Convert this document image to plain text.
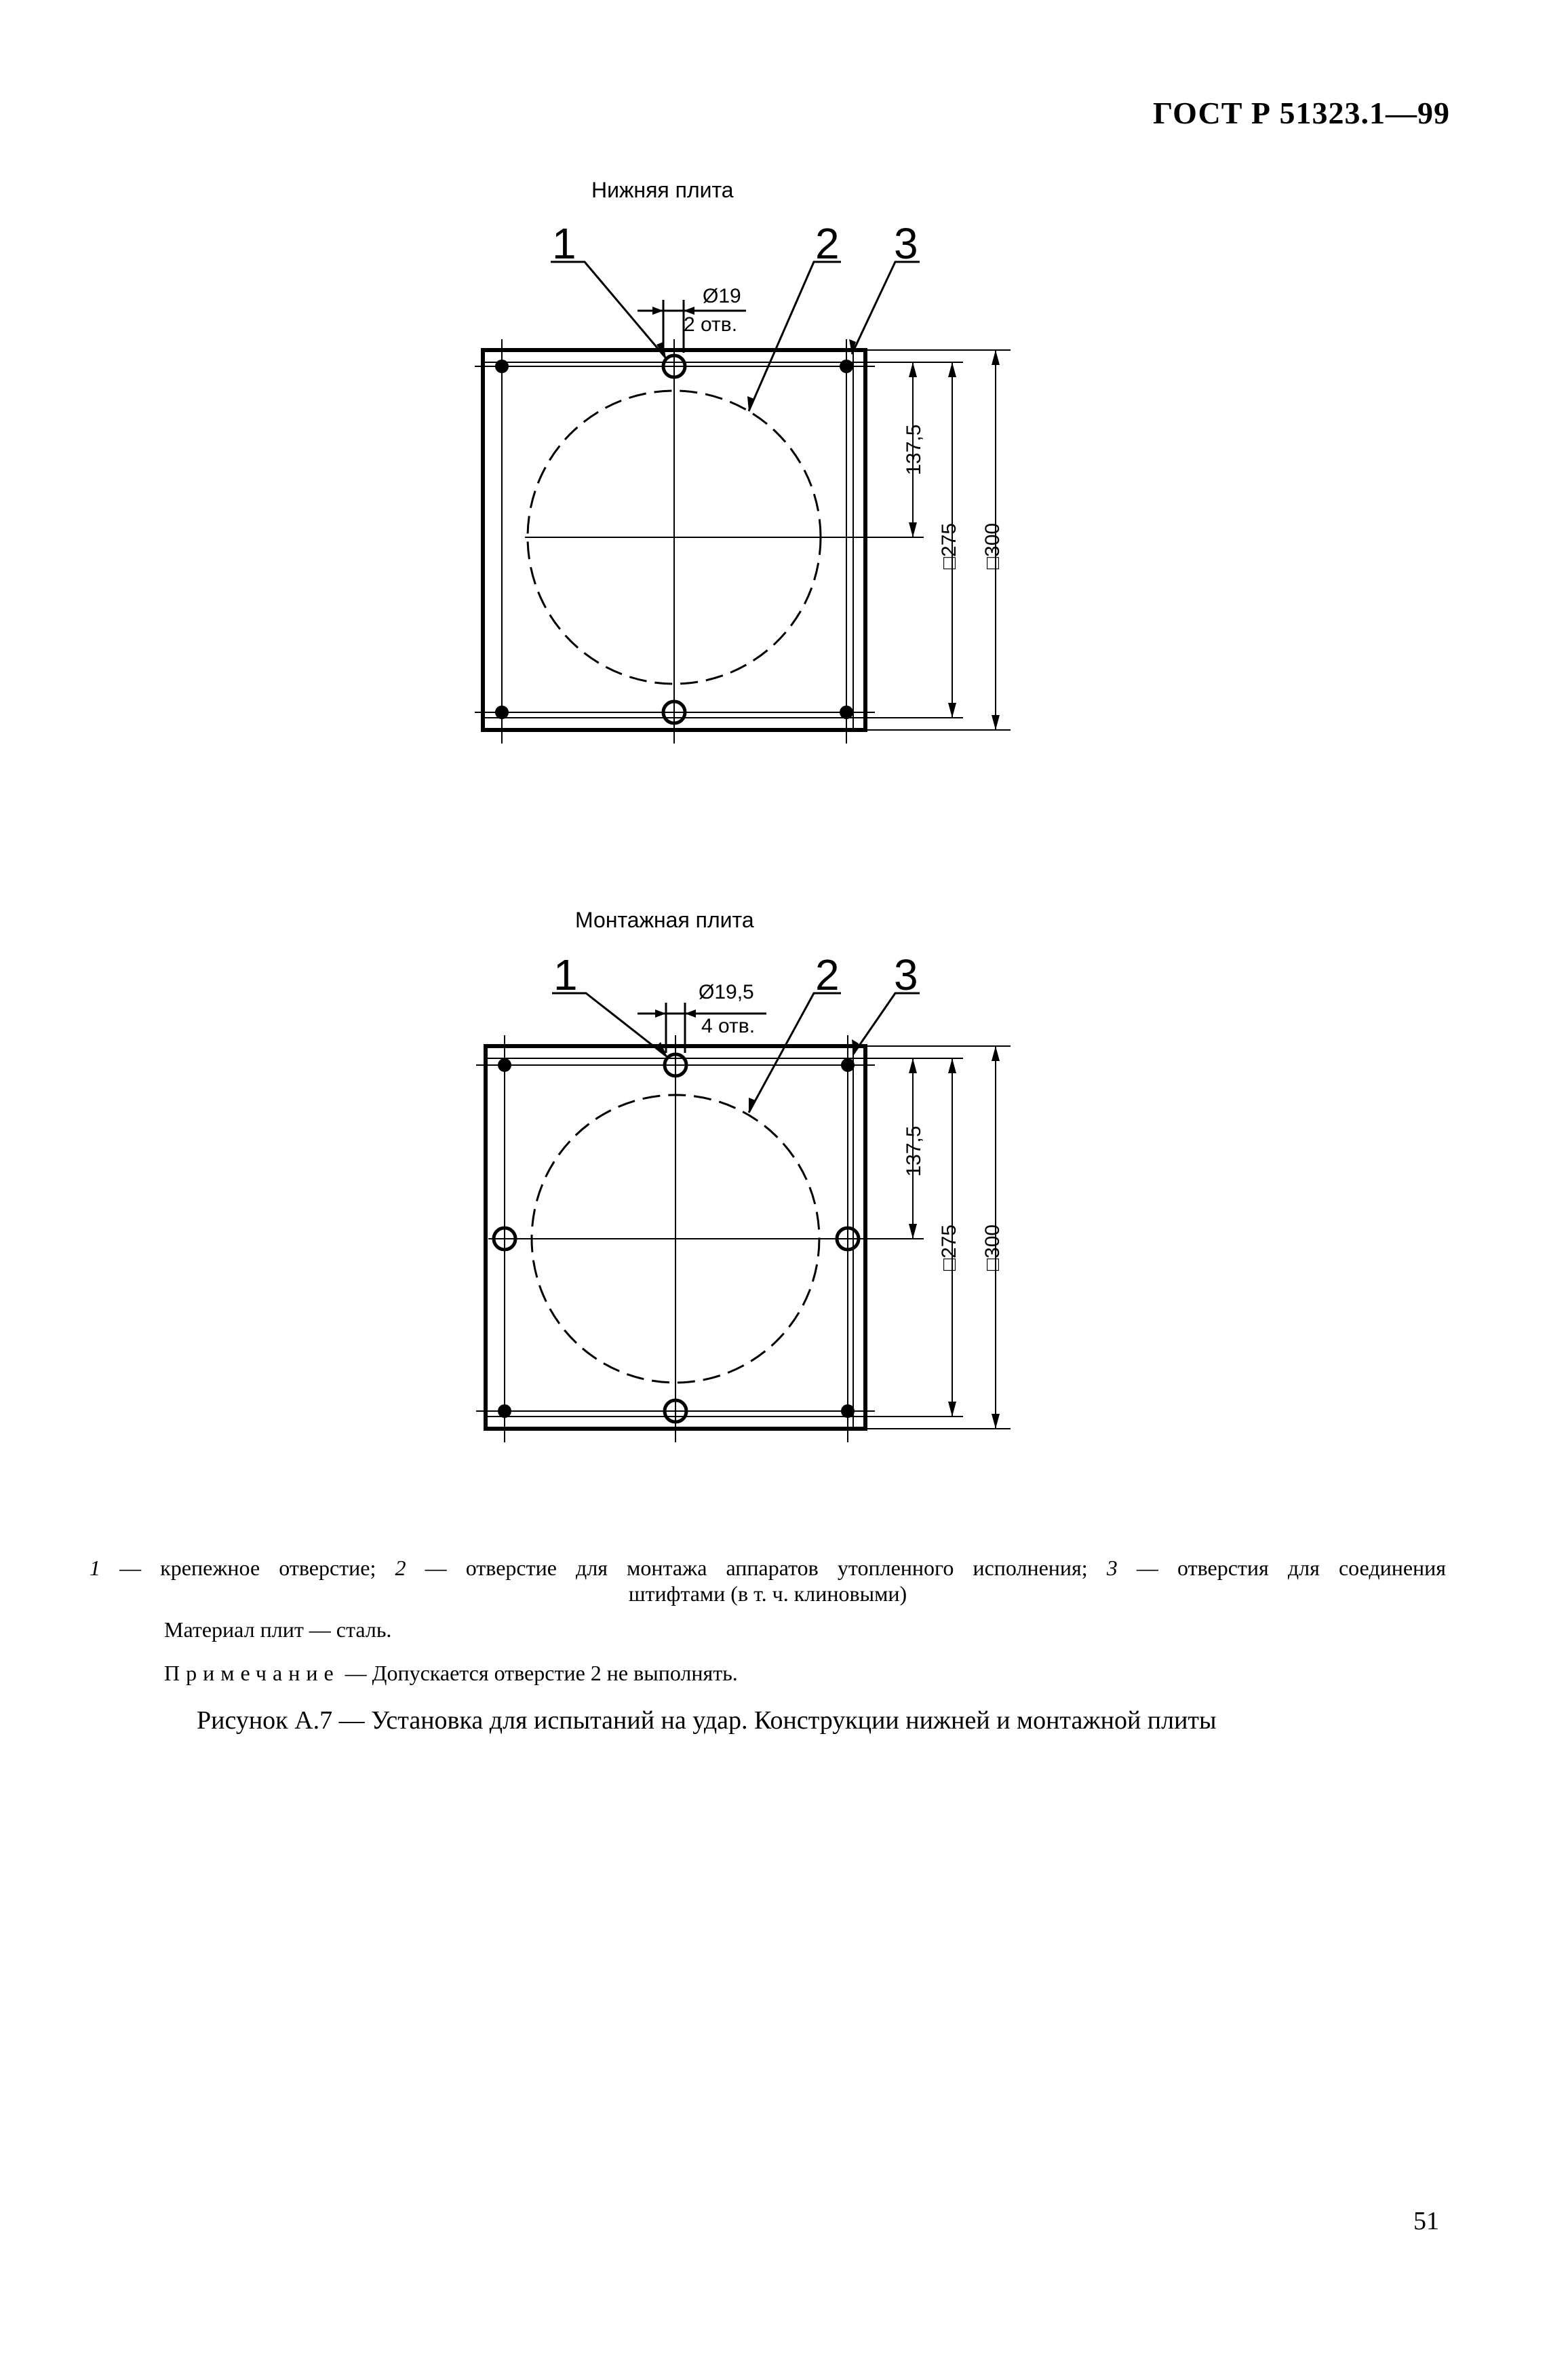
ГОСТ Р 51323.1—99
Нижняя плита
1	2 3
Ø19
2 отв.
137,5
□275 □300
Монтажная плита
1	2 3
Ø19,5
4 отв.
137,5
□275 □300

1 — крепежное отверстие; 2 — отверстие для монтажа аппаратов утопленного исполнения; 3 — отверстия для соединения

штифтами (в т. ч. клиновыми)

Материал плит — сталь.
Примечание — Допускается отверстие 2 не выполнять.
Рисунок А.7 — Установка для испытаний на удар. Конструкции нижней и монтажной плиты
51
